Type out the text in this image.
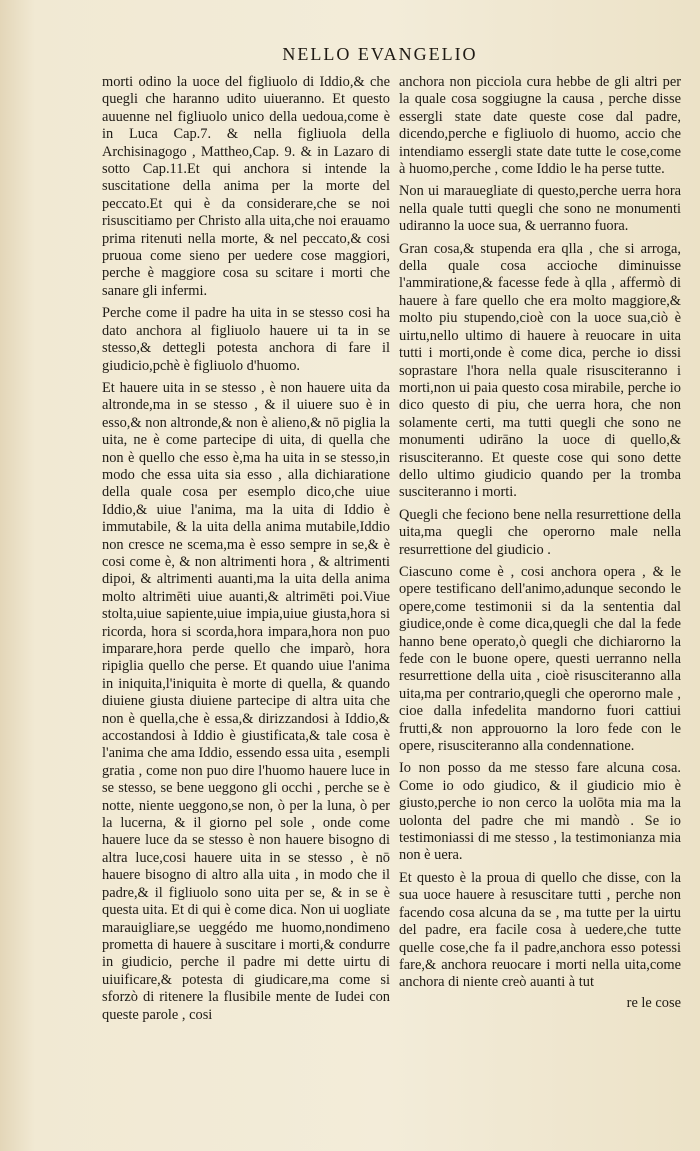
NELLO EVANGELIO

morti odino la uoce del figliuolo di Iddio,& che quegli che haranno udito uiueranno. Et questo auuenne nel figliuolo unico della uedoua,come è in Luca Cap.7. & nella figliuola della Archisinagogo , Mattheo,Cap. 9. & in Lazaro di sotto Cap.11.Et qui anchora si intende la suscitatione della anima per la morte del peccato.Et qui è da considerare,che se noi risuscitiamo per Christo alla uita,che noi erauamo prima ritenuti nella morte, & nel peccato,& cosi pruoua come sieno per uedere cose maggiori, perche è maggiore cosa su scitare i morti che sanare gli infermi.

Perche come il padre ha uita in se stesso cosi ha dato anchora al figliuolo hauere ui ta in se stesso,& dettegli potesta anchora di fare il giudicio,pchè è figliuolo d'huomo.

Et hauere uita in se stesso , è non hauere uita da altronde,ma in se stesso , & il uiuere suo è in esso,& non altronde,& non è alieno,& nō piglia la uita, ne è come partecipe di uita, di quella che non è quello che esso è,ma ha uita in se stesso,in modo che essa uita sia esso , alla dichiaratione della quale cosa per esemplo dico,che uiue Iddio,& uiue l'anima, ma la uita di Iddio è immutabile, & la uita della anima mutabile,Iddio non cresce ne scema,ma è esso sempre in se,& è cosi come è, & non altrimenti hora , & altrimenti dipoi, & altrimenti auanti,ma la uita della anima molto altrimēti uiue auanti,& altrimēti poi.Viue stolta,uiue sapiente,uiue impia,uiue giusta,hora si ricorda, hora si scorda,hora impara,hora non puo imparare,hora perde quello che imparò, hora ripiglia quello che perse. Et quando uiue l'anima in iniquita,l'iniquita è morte di quella, & quando diuiene giusta diuiene partecipe di altra uita che non è quella,che è essa,& dirizzandosi à Iddio,& accostandosi à Iddio è giustificata,& tale cosa è l'anima che ama Iddio, essendo essa uita , esempli gratia , come non puo dire l'huomo hauere luce in se stesso, se bene ueggono gli occhi , perche se è notte, niente ueggono,se non, ò per la luna, ò per la lucerna, & il giorno pel sole , onde come hauere luce da se stesso è non hauere bisogno di altra luce,cosi hauere uita in se stesso , è nō hauere bisogno di altro alla uita , in modo che il padre,& il figliuolo sono uita per se, & in se è questa uita. Et di qui è come dica. Non ui uogliate marauigliare,se ueggédo me huomo,nondimeno prometta di hauere à suscitare i morti,& condurre in giudicio, perche il padre mi dette uirtu di uiuificare,& potesta di giudicare,ma come si sforzò di ritenere la flusibile mente de Iudei con queste parole , cosi

anchora non picciola cura hebbe de gli altri per la quale cosa soggiugne la causa , perche disse essergli state date queste cose dal padre, dicendo,perche e figliuolo di huomo, accio che intendiamo essergli state date tutte le cose,come à huomo,perche , come Iddio le ha perse tutte.

Non ui marauegliate di questo,perche uerra hora nella quale tutti quegli che sono ne monumenti udiranno la uoce sua, & uerranno fuora.

Gran cosa,& stupenda era qlla , che si arroga, della quale cosa accioche diminuisse l'ammiratione,& facesse fede à qlla , affermò di hauere à fare quello che era molto maggiore,& molto piu stupendo,cioè con la uoce sua,ciò è uirtu,nello ultimo di hauere à reuocare in uita tutti i morti,onde è come dica, perche io dissi soprastare l'hora nella quale risusciteranno i morti,non ui paia questo cosa mirabile, perche io dico questo di piu, che uerra hora, che non solamente certi, ma tutti quegli che sono ne monumenti udirāno la uoce di quello,& risusciteranno. Et queste cose qui sono dette dello ultimo giudicio quando per la tromba susciteranno i morti.

Quegli che feciono bene nella resurrettione della uita,ma quegli che operorno male nella resurrettione del giudicio .

Ciascuno come è , cosi anchora opera , & le opere testificano dell'animo,adunque secondo le opere,come testimonii si da la sententia dal giudice,onde è come dica,quegli che dal la fede hanno bene operato,ò quegli che dichiarorno la fede con le buone opere, questi uerranno nella resurrettione della uita , cioè risusciteranno alla uita,ma per contrario,quegli che operorno male , cioe dalla infedelita mandorno fuori cattiui frutti,& non approuorno la loro fede con le opere, risusciteranno alla condennatione.

Io non posso da me stesso fare alcuna cosa. Come io odo giudico, & il giudicio mio è giusto,perche io non cerco la uolōta mia ma la uolonta del padre che mi mandò . Se io testimoniassi di me stesso , la testimonianza mia non è uera.

Et questo è la proua di quello che disse, con la sua uoce hauere à resuscitare tutti , perche non facendo cosa alcuna da se , ma tutte per la uirtu del padre, era facile cosa à uedere,che tutte quelle cose,che fa il padre,anchora esso potessi fare,& anchora reuocare i morti nella uita,come anchora di niente creò auanti à tut

re le cose
